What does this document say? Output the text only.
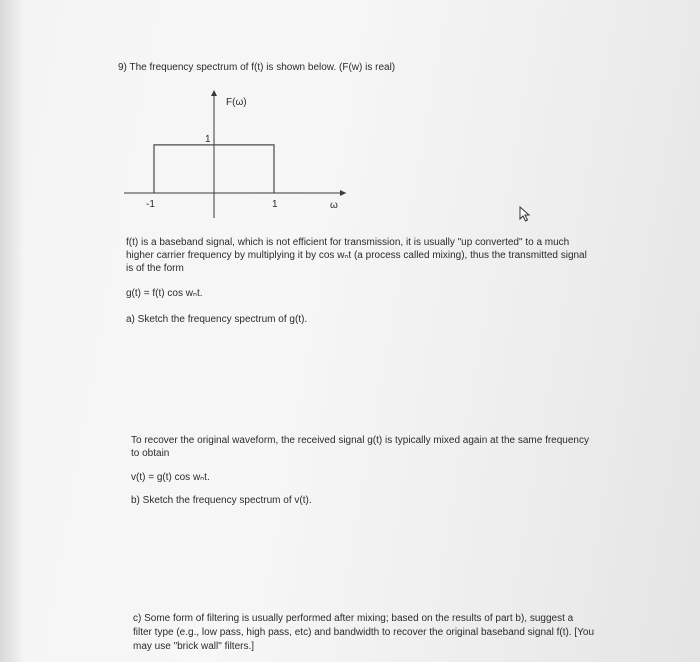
9) The frequency spectrum of f(t) is shown below. (F(w) is real)
F(ω)
-1	1
1
ω
f(t) is a baseband signal, which is not efficient for transmission, it is usually "up converted" to a much
higher carrier frequency by multiplying it by cos wₙt (a process called mixing), thus the transmitted signal
is of the form
g(t) = f(t) cos wₙt.
a) Sketch the frequency spectrum of g(t).
To recover the original waveform, the received signal g(t) is typically mixed again at the same frequency
to obtain
v(t) = g(t) cos wₙt.
b) Sketch the frequency spectrum of v(t).
c) Some form of filtering is usually performed after mixing; based on the results of part b), suggest a
filter type (e.g., low pass, high pass, etc) and bandwidth to recover the original baseband signal f(t). [You
may use "brick wall" filters.]
